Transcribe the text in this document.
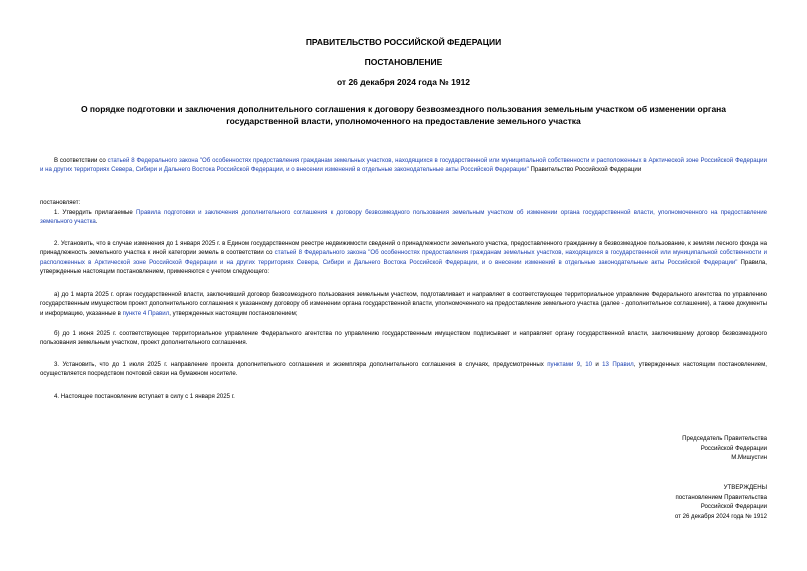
ПРАВИТЕЛЬСТВО РОССИЙСКОЙ ФЕДЕРАЦИИ
ПОСТАНОВЛЕНИЕ
от 26 декабря 2024 года № 1912
О порядке подготовки и заключения дополнительного соглашения к договору безвозмездного пользования земельным участком об изменении органа государственной власти, уполномоченного на предоставление земельного участка

В соответствии со статьей 8 Федерального закона "Об особенностях предоставления гражданам земельных участков, находящихся в государственной или муниципальной собственности и расположенных в Арктической зоне Российской Федерации и на других территориях Севера, Сибири и Дальнего Востока Российской Федерации, и о внесении изменений в отдельные законодательные акты Российской Федерации" Правительство Российской Федерации

постановляет:

1. Утвердить прилагаемые Правила подготовки и заключения дополнительного соглашения к договору безвозмездного пользования земельным участком об изменении органа государственной власти, уполномоченного на предоставление земельного участка.

2. Установить, что в случае изменения до 1 января 2025 г. в Едином государственном реестре недвижимости сведений о принадлежности земельного участка, предоставленного гражданину в безвозмездное пользование, к землям лесного фонда на принадлежность земельного участка к иной категории земель в соответствии со статьей 8 Федерального закона "Об особенностях предоставления гражданам земельных участков, находящихся в государственной или муниципальной собственности и расположенных в Арктической зоне Российской Федерации и на других территориях Севера, Сибири и Дальнего Востока Российской Федерации, и о внесении изменений в отдельные законодательные акты Российской Федерации" Правила, утвержденные настоящим постановлением, применяются с учетом следующего:

а) до 1 марта 2025 г. орган государственной власти, заключивший договор безвозмездного пользования земельным участком, подготавливает и направляет в соответствующее территориальное управление Федерального агентства по управлению государственным имуществом проект дополнительного соглашения к указанному договору об изменении органа государственной власти, уполномоченного на предоставление земельного участка (далее - дополнительное соглашение), а также документы и информацию, указанные в пункте 4 Правил, утвержденных настоящим постановлением;

б) до 1 июня 2025 г. соответствующее территориальное управление Федерального агентства по управлению государственным имуществом подписывает и направляет органу государственной власти, заключившему договор безвозмездного пользования земельным участком, проект дополнительного соглашения.

3. Установить, что до 1 июля 2025 г. направление проекта дополнительного соглашения и экземпляра дополнительного соглашения в случаях, предусмотренных пунктами 9, 10 и 13 Правил, утвержденных настоящим постановлением, осуществляется посредством почтовой связи на бумажном носителе.

4. Настоящее постановление вступает в силу с 1 января 2025 г.

Председатель Правительства
Российской Федерации
М.Мишустин
УТВЕРЖДЕНЫ
постановлением Правительства
Российской Федерации
от 26 декабря 2024 года № 1912
